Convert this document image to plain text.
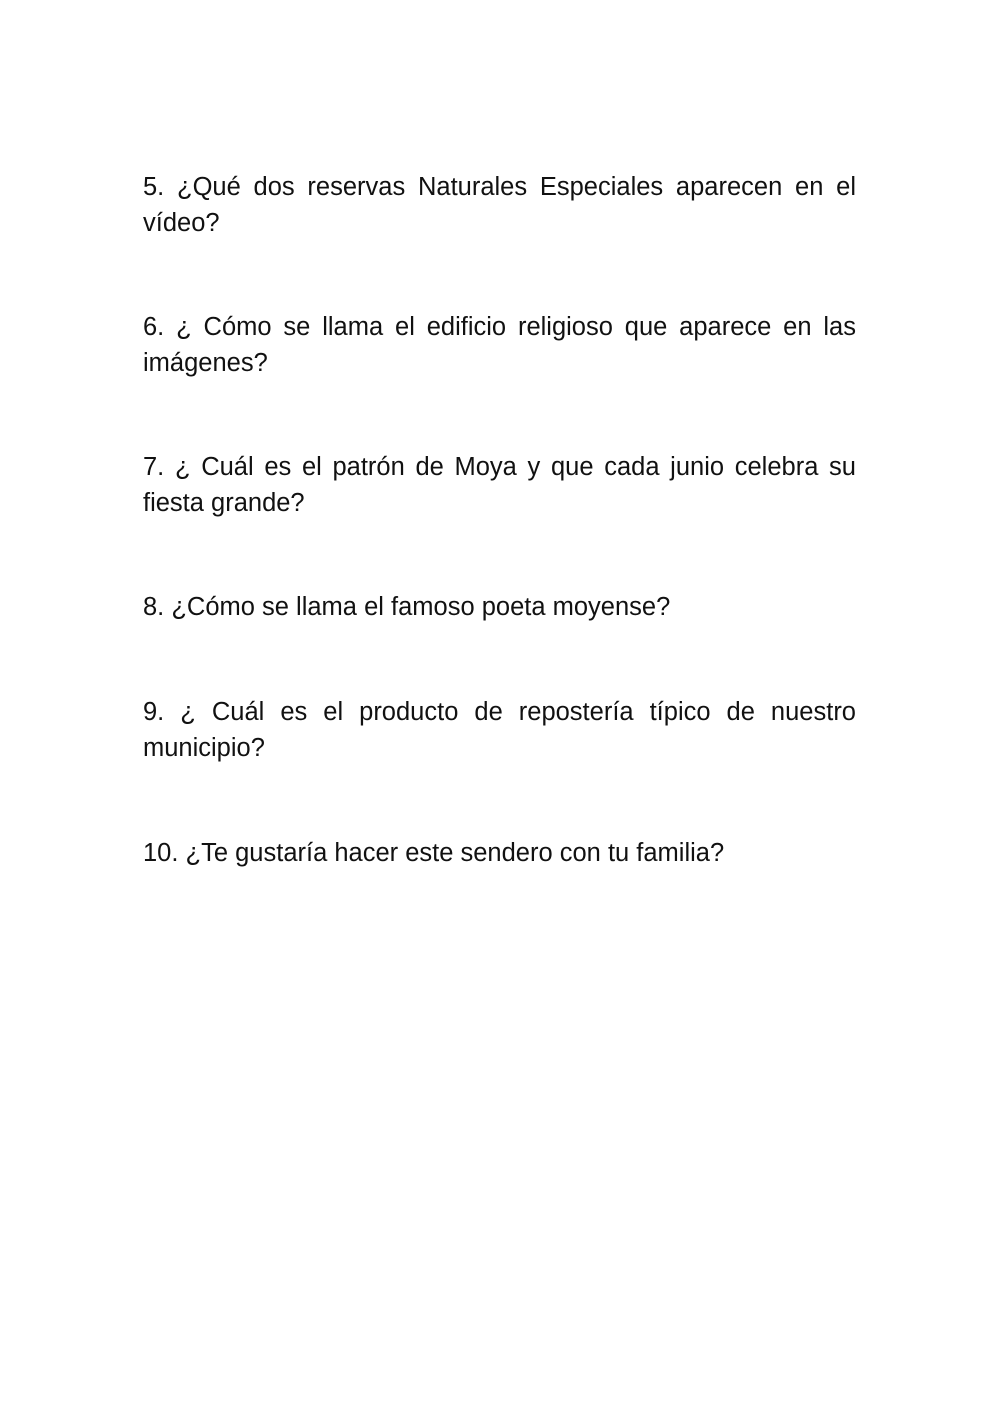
5. ¿Qué dos reservas Naturales Especiales aparecen en el vídeo?

6. ¿ Cómo se llama el edificio religioso que aparece en las imágenes?

7. ¿ Cuál es el patrón de Moya y que cada junio celebra su fiesta grande?

8. ¿Cómo se llama el famoso poeta moyense?

9. ¿ Cuál es el producto de repostería típico de nuestro municipio?

10. ¿Te gustaría hacer este sendero con tu familia?
